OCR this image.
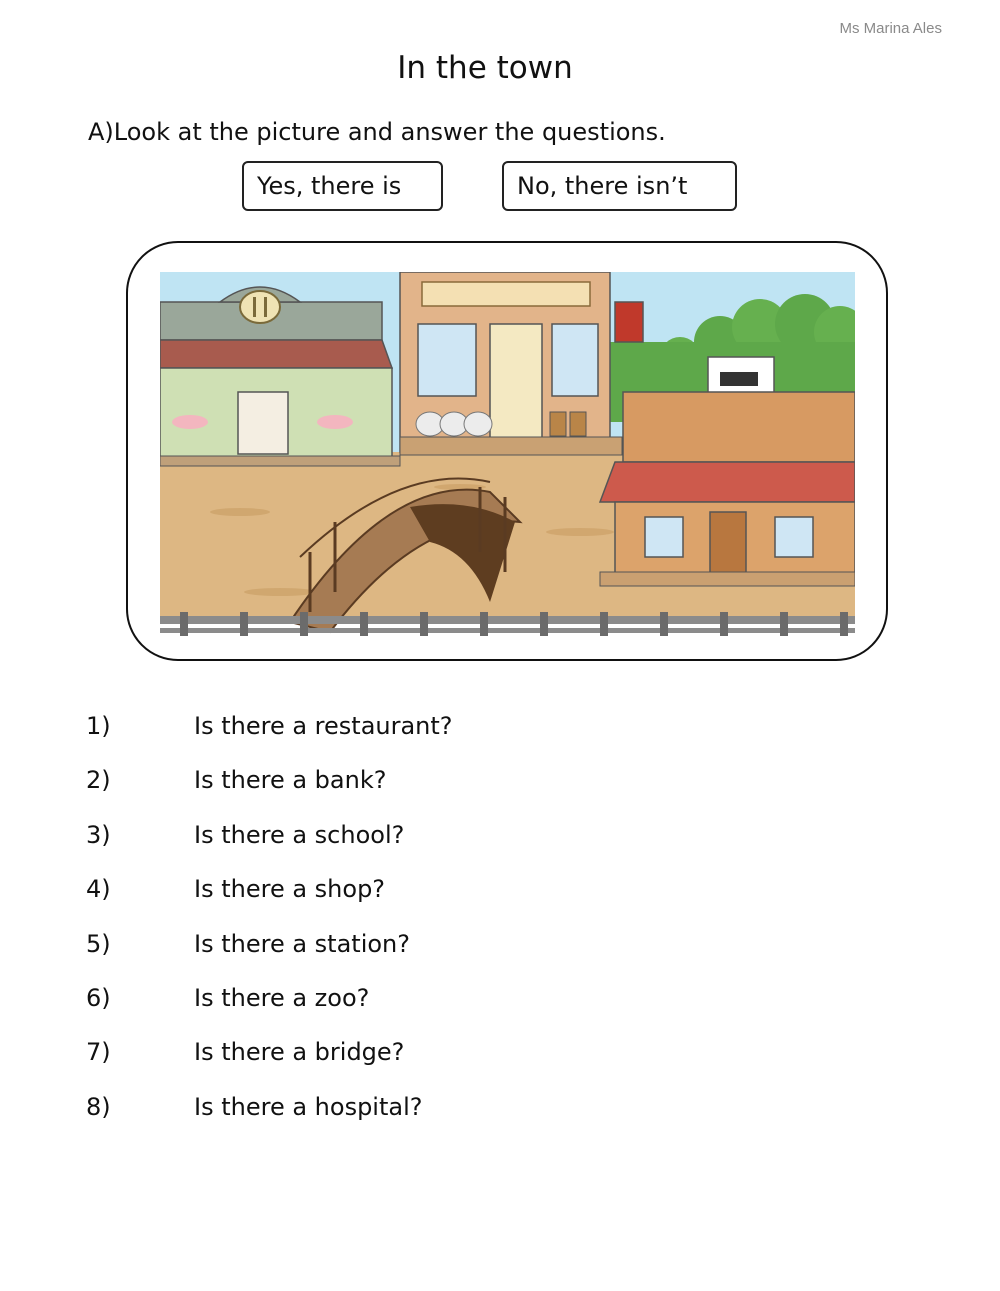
Ms Marina Ales
In the town
A)Look at the picture and answer the questions.
Yes, there is	No, there isn’t
1)	Is there a restaurant?
2)	Is there a bank?
3)	Is there a school?
4)	Is there a shop?
5)	Is there a station?
6)	Is there a zoo?
7)	Is there a bridge?
8)	Is there a hospital?
